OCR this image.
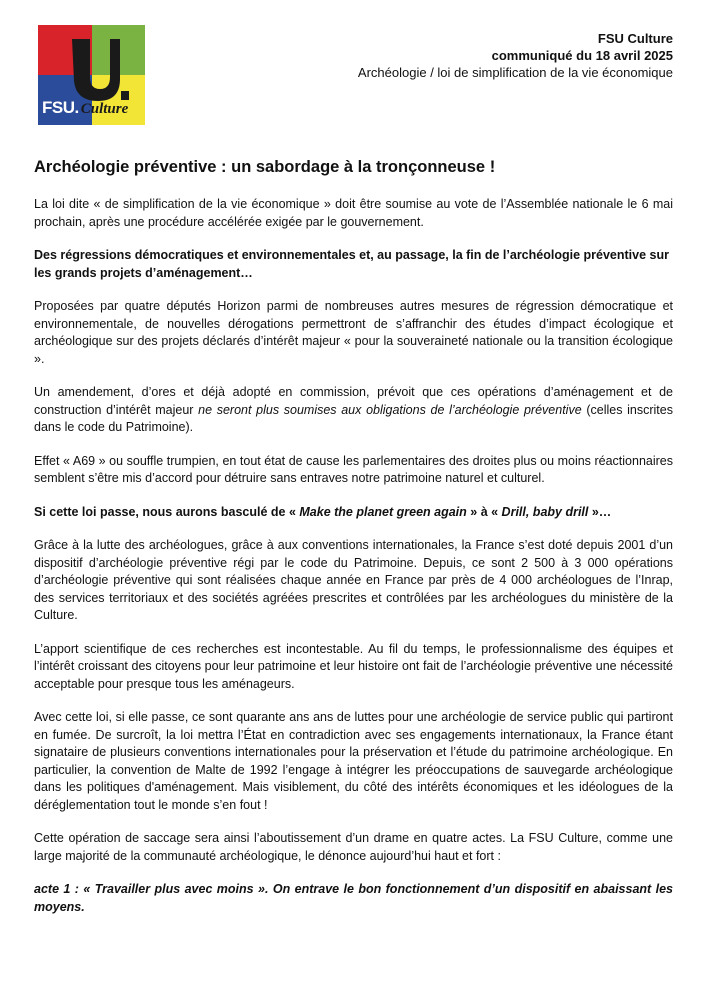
FSU. Culture
FSU Culture
communiqué du 18 avril 2025
Archéologie / loi de simplification de la vie économique
Archéologie préventive : un sabordage à la tronçonneuse !

La loi dite « de simplification de la vie économique » doit être soumise au vote de l’Assemblée nationale le 6 mai prochain, après une procédure accélérée exigée par le gouvernement.

Des régressions démocratiques et environnementales et, au passage, la fin de l’archéologie préventive sur les grands projets d’aménagement…

Proposées par quatre députés Horizon parmi de nombreuses autres mesures de régression démocratique et environnementale, de nouvelles dérogations permettront de s’affranchir des études d’impact écologique et archéologique sur des projets déclarés d’intérêt majeur « pour la souveraineté nationale ou la transition écologique ».

Un amendement, d’ores et déjà adopté en commission, prévoit que ces opérations d’aménagement et de construction d’intérêt majeur ne seront plus soumises aux obligations de l’archéologie préventive (celles inscrites dans le code du Patrimoine).

Effet « A69 » ou souffle trumpien, en tout état de cause les parlementaires des droites plus ou moins réactionnaires semblent s’être mis d’accord pour détruire sans entraves notre patrimoine naturel et culturel.

Si cette loi passe, nous aurons basculé de « Make the planet green again » à « Drill, baby drill »…

Grâce à la lutte des archéologues, grâce à aux conventions internationales, la France s’est doté depuis 2001 d’un dispositif d’archéologie préventive régi par le code du Patrimoine. Depuis, ce sont 2 500 à 3 000 opérations d’archéologie préventive qui sont réalisées chaque année en France par près de 4 000 archéologues de l’Inrap, des services territoriaux et des sociétés agréées prescrites et contrôlées par les archéologues du ministère de la Culture.

L’apport scientifique de ces recherches est incontestable. Au fil du temps, le professionnalisme des équipes et l’intérêt croissant des citoyens pour leur patrimoine et leur histoire ont fait de l’archéologie préventive une nécessité acceptable pour presque tous les aménageurs.

Avec cette loi, si elle passe, ce sont quarante ans ans de luttes pour une archéologie de service public qui partiront en fumée. De surcroît, la loi mettra l’État en contradiction avec ses engagements internationaux, la France étant signataire de plusieurs conventions internationales pour la préservation et l’étude du patrimoine archéologique. En particulier, la convention de Malte de 1992 l’engage à intégrer les préoccupations de sauvegarde archéologique dans les politiques d'aménagement. Mais visiblement, du côté des intérêts économiques et les idéologues de la déréglementation tout le monde s’en fout !

Cette opération de saccage sera ainsi l’aboutissement d’un drame en quatre actes. La FSU Culture, comme une large majorité de la communauté archéologique, le dénonce aujourd’hui haut et fort :

acte 1 : « Travailler plus avec moins ». On entrave le bon fonctionnement d’un dispositif en abaissant les moyens.
